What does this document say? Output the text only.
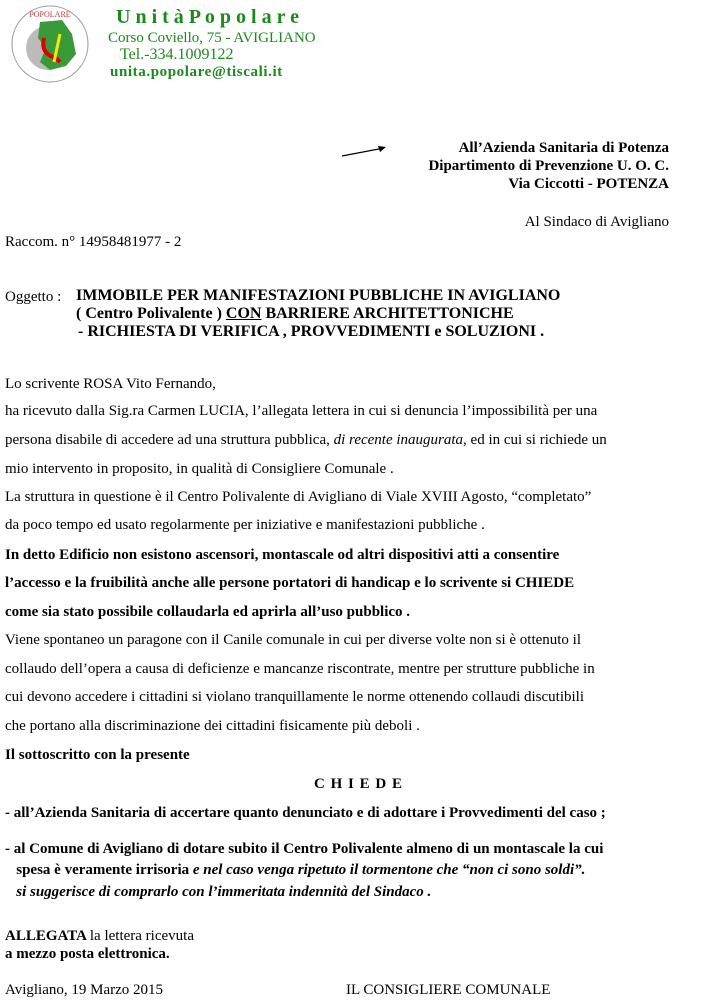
POPOLARE U n i t à P o p o l a r e
Corso Coviello, 75 - AVIGLIANO
Tel.-334.1009122
unita.popolare@tiscali.it
All’Azienda Sanitaria di Potenza
Dipartimento di Prevenzione U. O. C.
Via Ciccotti - POTENZA
Al Sindaco di Avigliano
Raccom. n° 14958481977 - 2
Oggetto : IMMOBILE PER MANIFESTAZIONI PUBBLICHE IN AVIGLIANO
( Centro Polivalente ) CON BARRIERE ARCHITETTONICHE
- RICHIESTA DI VERIFICA , PROVVEDIMENTI e SOLUZIONI .
Lo scrivente ROSA Vito Fernando,
ha ricevuto dalla Sig.ra Carmen LUCIA, l’allegata lettera in cui si denuncia l’impossibilità per una
persona disabile di accedere ad una struttura pubblica, di recente inaugurata, ed in cui si richiede un
mio intervento in proposito, in qualità di Consigliere Comunale .
La struttura in questione è il Centro Polivalente di Avigliano di Viale XVIII Agosto, “completato”
da poco tempo ed usato regolarmente per iniziative e manifestazioni pubbliche .
In detto Edificio non esistono ascensori, montascale od altri dispositivi atti a consentire
l’accesso e la fruibilità anche alle persone portatori di handicap e lo scrivente si CHIEDE
come sia stato possibile collaudarla ed aprirla all’uso pubblico .
Viene spontaneo un paragone con il Canile comunale in cui per diverse volte non si è ottenuto il
collaudo dell’opera a causa di deficienze e mancanze riscontrate, mentre per strutture pubbliche in
cui devono accedere i cittadini si violano tranquillamente le norme ottenendo collaudi discutibili
che portano alla discriminazione dei cittadini fisicamente più deboli .
Il sottoscritto con la presente
- all’Azienda Sanitaria di accertare quanto denunciato e di adottare i Provvedimenti del caso ;
- al Comune di Avigliano di dotare subito il Centro Polivalente almeno di un montascale la cui
spesa è veramente irrisoria e nel caso venga ripetuto il tormentone che “non ci sono soldi”.
si suggerisce di comprarlo con l’immeritata indennità del Sindaco .
ALLEGATA la lettera ricevuta
a mezzo posta elettronica.
C H I E D E
Avigliano, 19 Marzo 2015	IL CONSIGLIERE COMUNALE
